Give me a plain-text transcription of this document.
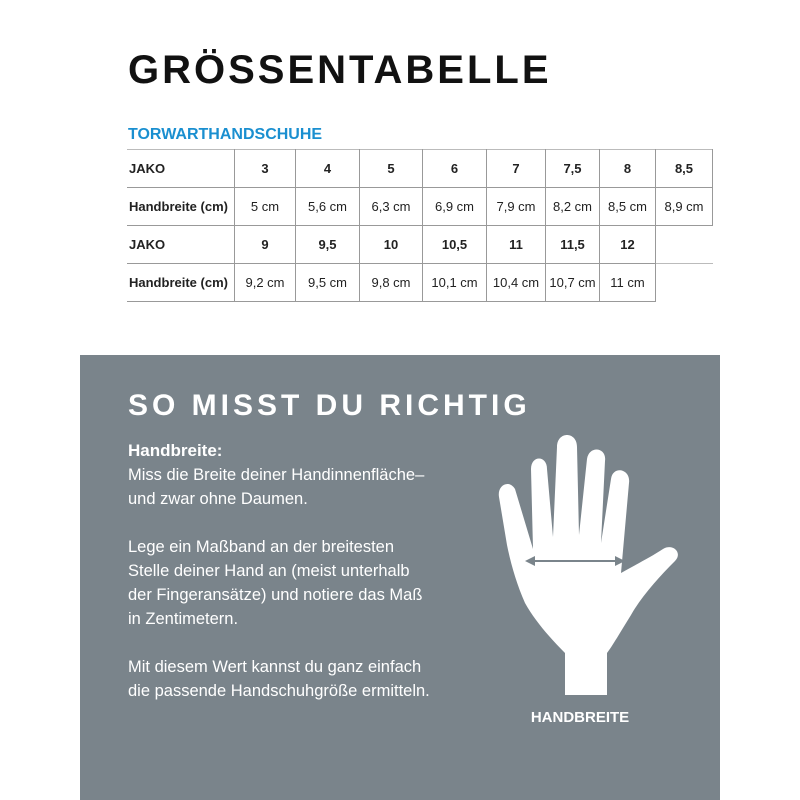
GRÖSSENTABELLE
TORWARTHANDSCHUHE
JAKO	3	4	5	6	7	7,5	8	8,5
Handbreite (cm)	5 cm	5,6 cm	6,3 cm	6,9 cm	7,9 cm	8,2 cm	8,5 cm	8,9 cm
JAKO	9	9,5	10	10,5	11	11,5	12	
Handbreite (cm)	9,2 cm	9,5 cm	9,8 cm	10,1 cm	10,4 cm	10,7 cm	11 cm	
SO MISST DU RICHTIG
Handbreite:
Miss die Breite deiner Handinnenfläche–
und zwar ohne Daumen.
Lege ein Maßband an der breitesten
Stelle deiner Hand an (meist unterhalb
der Fingeransätze) und notiere das Maß
in Zentimetern.
Mit diesem Wert kannst du ganz einfach
die passende Handschuhgröße ermitteln.
HANDBREITE
